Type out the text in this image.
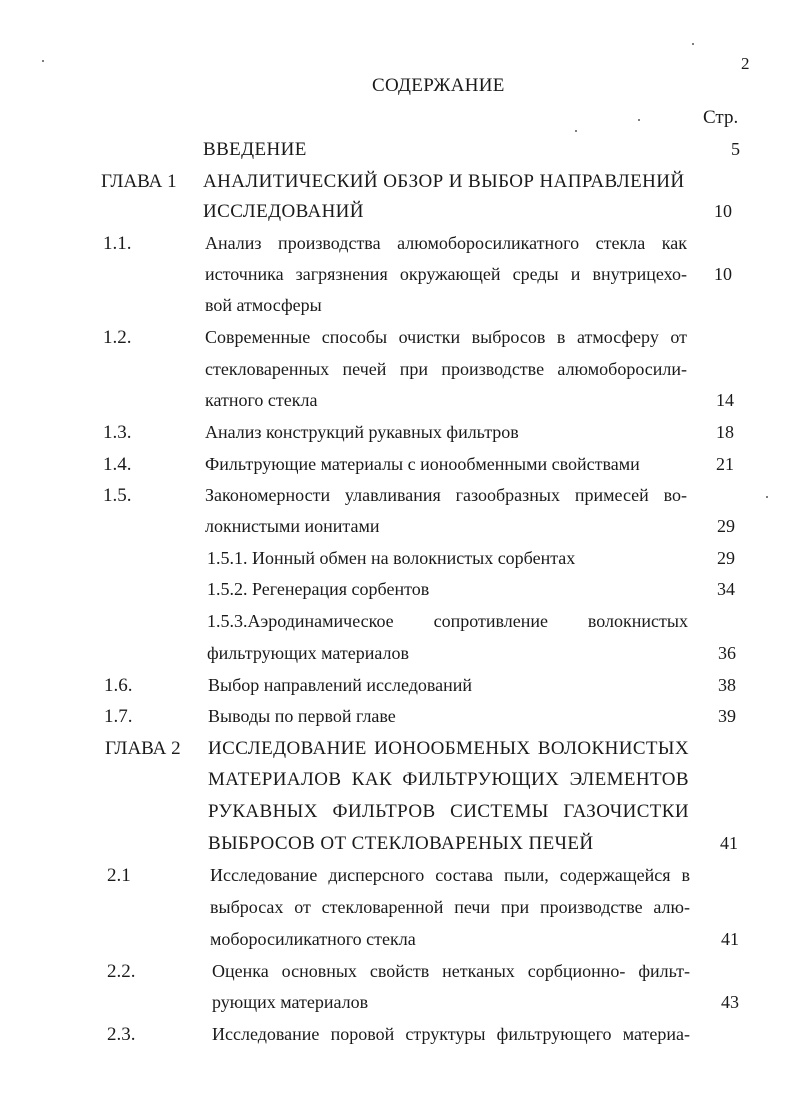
2
СОДЕРЖАНИЕ
Стр.
ВВЕДЕНИЕ	5
ГЛАВА 1 АНАЛИТИЧЕСКИЙ ОБЗОР И ВЫБОР НАПРАВЛЕНИЙ
ИССЛЕДОВАНИЙ	10
1.1.	Анализ производства алюмоборосиликатного стекла как
источника загрязнения окружающей среды и внутрицехо-	10
вой атмосферы
1.2.	Современные способы очистки выбросов в атмосферу от
стекловаренных печей при производстве алюмоборосили-
катного стекла	14
1.3.	Анализ конструкций рукавных фильтров	18
1.4.	Фильтрующие материалы с ионообменными свойствами	21
1.5.	Закономерности улавливания газообразных примесей во-
локнистыми ионитами	29
1.5.1. Ионный обмен на волокнистых сорбентах	29
1.5.2. Регенерация сорбентов	34
1.5.3.Аэродинамическое сопротивление волокнистых
фильтрующих материалов	36
1.6.	Выбор направлений исследований	38
1.7.	Выводы по первой главе	39
ГЛАВА 2 ИССЛЕДОВАНИЕ ИОНООБМЕНЫХ ВОЛОКНИСТЫХ
МАТЕРИАЛОВ КАК ФИЛЬТРУЮЩИХ ЭЛЕМЕНТОВ
РУКАВНЫХ ФИЛЬТРОВ СИСТЕМЫ ГАЗОЧИСТКИ
ВЫБРОСОВ ОТ СТЕКЛОВАРЕНЫХ ПЕЧЕЙ	41
2.1	Исследование дисперсного состава пыли, содержащейся в
выбросах от стекловаренной печи при производстве алю-
моборосиликатного стекла	41
2.2.	Оценка основных свойств нетканых сорбционно- фильт-
рующих материалов	43
2.3.	Исследование поровой структуры фильтрующего материа-
